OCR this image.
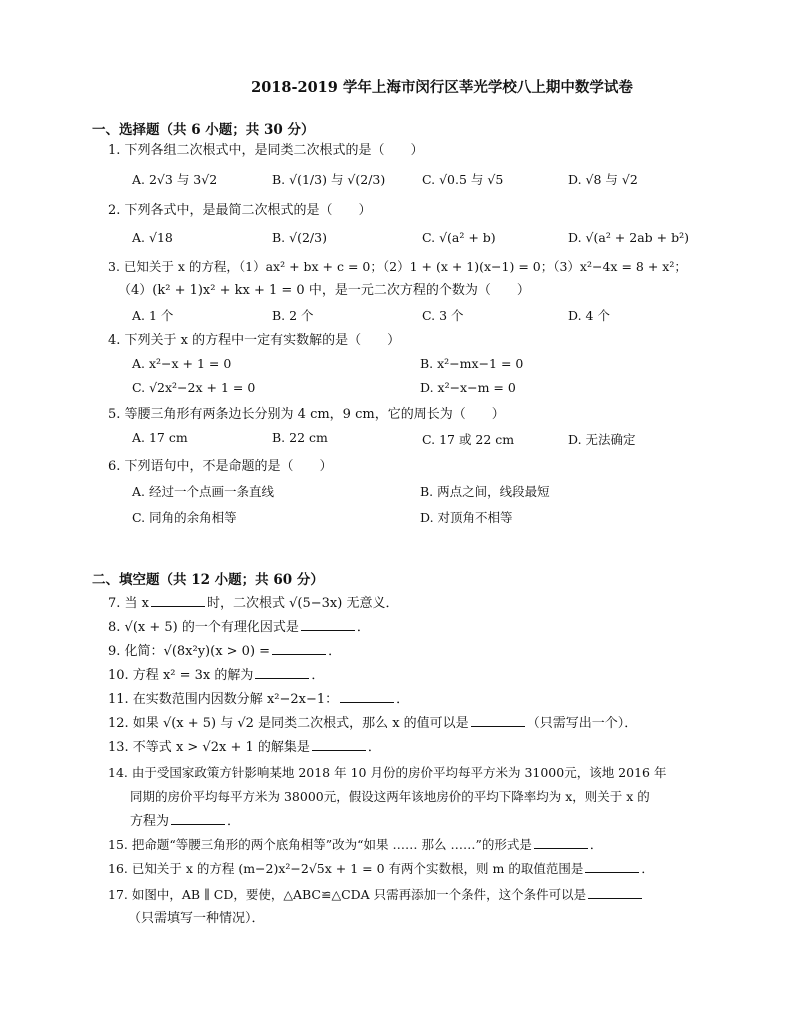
2018-2019 学年上海市闵行区莘光学校八上期中数学试卷
一、选择题（共 6 小题；共 30 分）
1. 下列各组二次根式中，是同类二次根式的是（　　）
A. 2√3 与 3√2	B. √(1/3) 与 √(2/3)	C. √0.5 与 √5	D. √8 与 √2
2. 下列各式中，是最简二次根式的是（　　）
A. √18	B. √(2/3)	C. √(a² + b)	D. √(a² + 2ab + b²)
3. 已知关于 x 的方程，（1）ax² + bx + c = 0；（2）1 + (x + 1)(x−1) = 0；（3）x²−4x = 8 + x²；
（4）(k² + 1)x² + kx + 1 = 0 中，是一元二次方程的个数为（　　）
A. 1 个	B. 2 个	C. 3 个	D. 4 个
4. 下列关于 x 的方程中一定有实数解的是（　　）
A. x²−x + 1 = 0	B. x²−mx−1 = 0
C. √2x²−2x + 1 = 0	D. x²−x−m = 0
5. 等腰三角形有两条边长分别为 4 cm，9 cm，它的周长为（　　）
A. 17 cm	B. 22 cm	C. 17 或 22 cm	D. 无法确定
6. 下列语句中，不是命题的是（　　）
A. 经过一个点画一条直线	B. 两点之间，线段最短
C. 同角的余角相等	D. 对顶角不相等
二、填空题（共 12 小题；共 60 分）
7. 当 x	时，二次根式 √(5−3x) 无意义．
8. √(x + 5) 的一个有理化因式是	．
9. 化简：√(8x²y)(x > 0) =	．
10. 方程 x² = 3x 的解为	．
11. 在实数范围内因数分解 x²−2x−1：	．
12. 如果 √(x + 5) 与 √2 是同类二次根式，那么 x 的值可以是	（只需写出一个）．
13. 不等式 x > √2x + 1 的解集是	．
14. 由于受国家政策方针影响某地 2018 年 10 月份的房价平均每平方米为 31000元，该地 2016 年
同期的房价平均每平方米为 38000元，假设这两年该地房价的平均下降率均为 x，则关于 x 的
方程为	．
15. 把命题“等腰三角形的两个底角相等”改为“如果 …… 那么 ……”的形式是	．
16. 已知关于 x 的方程 (m−2)x²−2√5x + 1 = 0 有两个实数根，则 m 的取值范围是	．
17. 如图中，AB ∥ CD，要使，△ABC≌△CDA 只需再添加一个条件，这个条件可以是
（只需填写一种情况）．
